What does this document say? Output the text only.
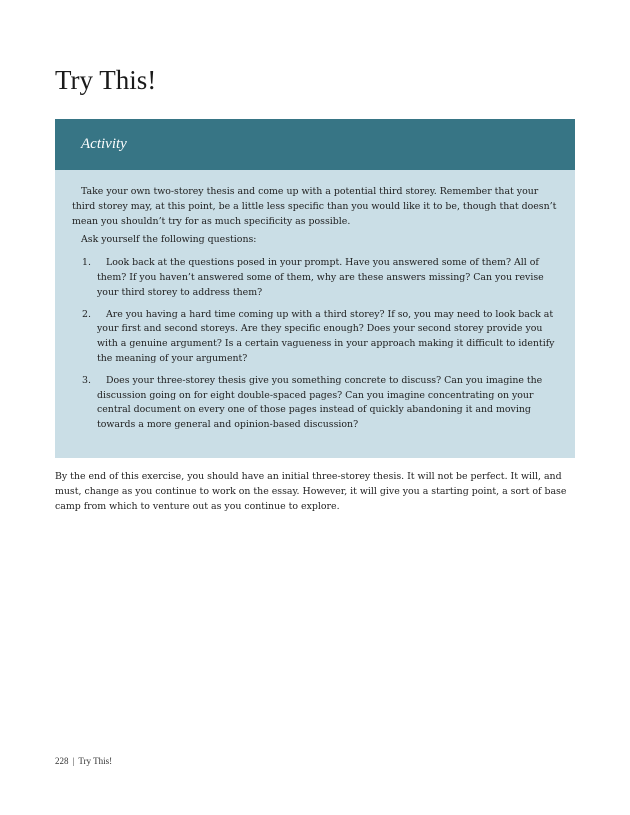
Try This!
Activity

Take your own two-storey thesis and come up with a potential third storey. Remember that your third storey may, at this point, be a little less specific than you would like it to be, though that doesn’t mean you shouldn’t try for as much specificity as possible.

Ask yourself the following questions:

1. Look back at the questions posed in your prompt. Have you answered some of them? All of them? If you haven’t answered some of them, why are these answers missing? Can you revise your third storey to address them?
2. Are you having a hard time coming up with a third storey? If so, you may need to look back at your first and second storeys. Are they specific enough? Does your second storey provide you with a genuine argument? Is a certain vagueness in your approach making it difficult to identify the meaning of your argument?
3. Does your three-storey thesis give you something concrete to discuss? Can you imagine the discussion going on for eight double-spaced pages? Can you imagine concentrating on your central document on every one of those pages instead of quickly abandoning it and moving towards a more general and opinion-based discussion?

By the end of this exercise, you should have an initial three-storey thesis. It will not be perfect. It will, and must, change as you continue to work on the essay. However, it will give you a starting point, a sort of base camp from which to venture out as you continue to explore.

228 | Try This!
